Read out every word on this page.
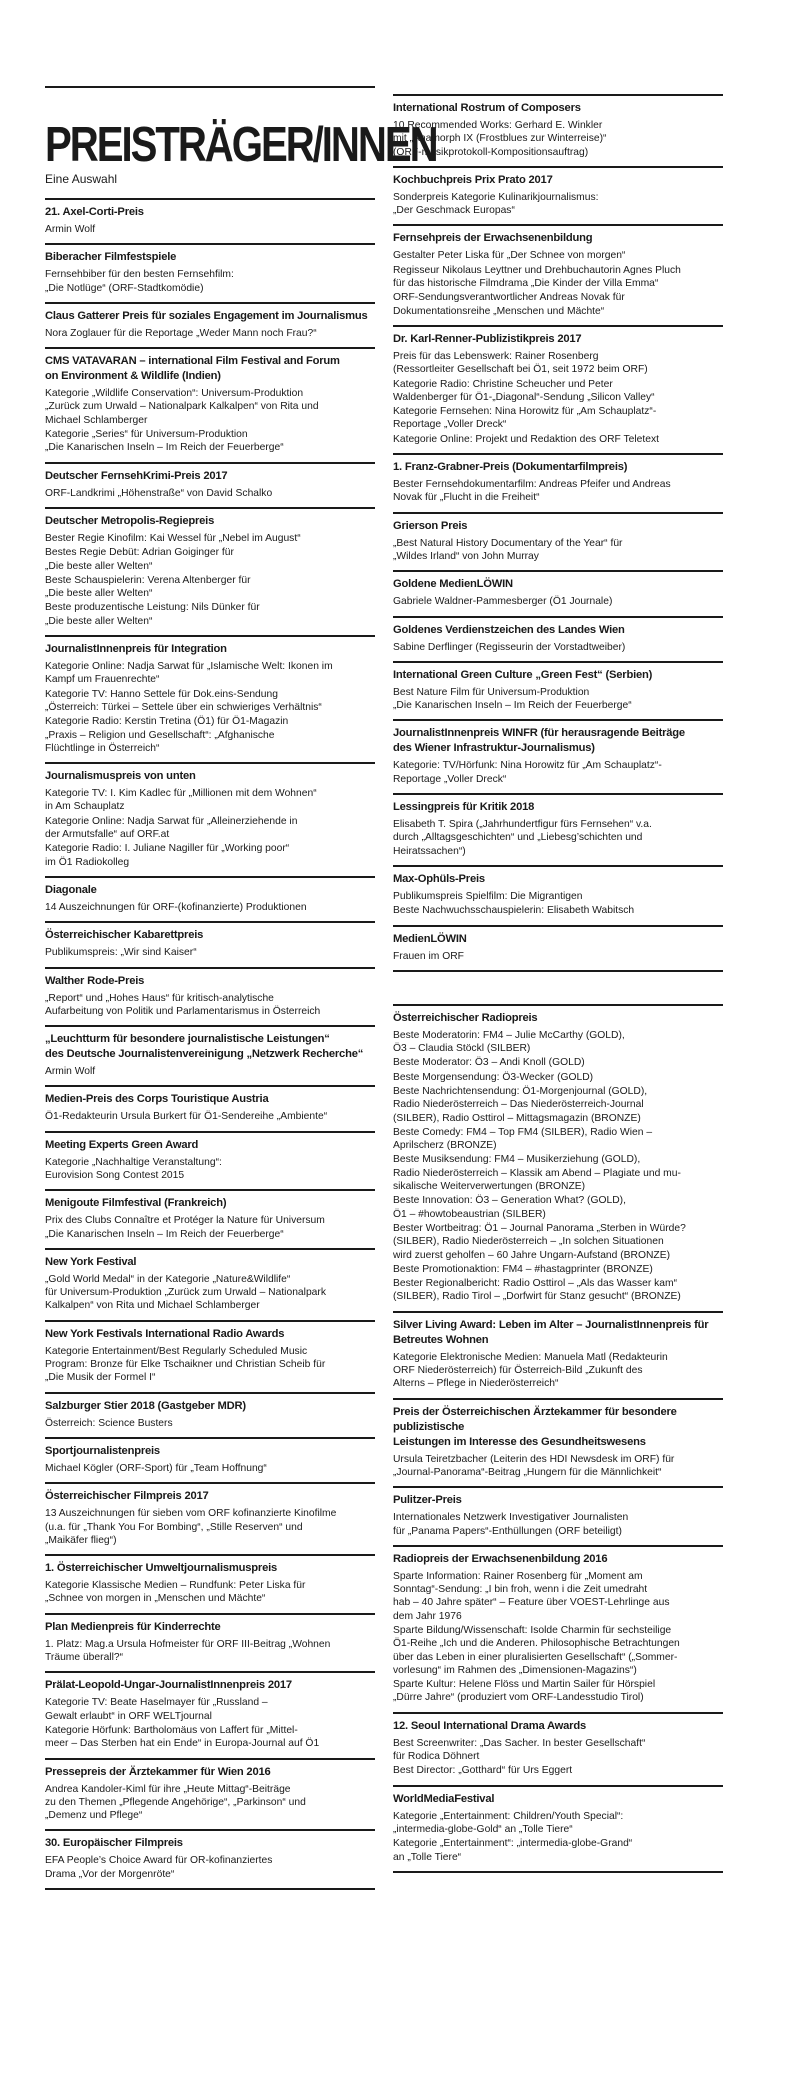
PREISTRÄGER/INNEN
Eine Auswahl
21. Axel-Corti-Preis
Armin Wolf
Biberacher Filmfestspiele
Fernsehbiber für den besten Fernsehfilm:
„Die Notlüge“ (ORF-Stadtkomödie)
Claus Gatterer Preis für soziales Engagement im Journalismus
Nora Zoglauer für die Reportage „Weder Mann noch Frau?“
CMS VATAVARAN – international Film Festival and Forum
on Environment & Wildlife (Indien)
Kategorie „Wildlife Conservation“: Universum-Produktion
„Zurück zum Urwald – Nationalpark Kalkalpen“ von Rita und
Michael Schlamberger
Kategorie „Series“ für Universum-Produktion
„Die Kanarischen Inseln – Im Reich der Feuerberge“
Deutscher FernsehKrimi-Preis 2017
ORF-Landkrimi „Höhenstraße“ von David Schalko
Deutscher Metropolis-Regiepreis
Bester Regie Kinofilm: Kai Wessel für „Nebel im August“
Bestes Regie Debüt: Adrian Goiginger für
„Die beste aller Welten“
Beste Schauspielerin: Verena Altenberger für
„Die beste aller Welten“
Beste produzentische Leistung: Nils Dünker für
„Die beste aller Welten“
JournalistInnenpreis für Integration
Kategorie Online: Nadja Sarwat für „Islamische Welt: Ikonen im
Kampf um Frauenrechte“
Kategorie TV: Hanno Settele für Dok.eins-Sendung
„Österreich: Türkei – Settele über ein schwieriges Verhältnis“
Kategorie Radio: Kerstin Tretina (Ö1) für Ö1-Magazin
„Praxis – Religion und Gesellschaft“: „Afghanische
Flüchtlinge in Österreich“
Journalismuspreis von unten
Kategorie TV: I. Kim Kadlec für „Millionen mit dem Wohnen“
in Am Schauplatz
Kategorie Online: Nadja Sarwat für „Alleinerziehende in
der Armutsfalle“ auf ORF.at
Kategorie Radio: I. Juliane Nagiller für „Working poor“
im Ö1 Radiokolleg
Diagonale
14 Auszeichnungen für ORF-(kofinanzierte) Produktionen
Österreichischer Kabarettpreis
Publikumspreis: „Wir sind Kaiser“
Walther Rode-Preis
„Report“ und „Hohes Haus“ für kritisch-analytische
Aufarbeitung von Politik und Parlamentarismus in Österreich
„Leuchtturm für besondere journalistische Leistungen“
des Deutsche Journalistenvereinigung „Netzwerk Recherche“
Armin Wolf
Medien-Preis des Corps Touristique Austria
Ö1-Redakteurin Ursula Burkert für Ö1-Sendereihe „Ambiente“
Meeting Experts Green Award
Kategorie „Nachhaltige Veranstaltung“:
Eurovision Song Contest 2015
Menigoute Filmfestival (Frankreich)
Prix des Clubs Connaître et Protéger la Nature für Universum
„Die Kanarischen Inseln – Im Reich der Feuerberge“
New York Festival
„Gold World Medal“ in der Kategorie „Nature&Wildlife“
für Universum-Produktion „Zurück zum Urwald – Nationalpark
Kalkalpen“ von Rita und Michael Schlamberger
New York Festivals International Radio Awards
Kategorie Entertainment/Best Regularly Scheduled Music
Program: Bronze für Elke Tschaikner und Christian Scheib für
„Die Musik der Formel I“
Salzburger Stier 2018 (Gastgeber MDR)
Österreich: Science Busters
Sportjournalistenpreis
Michael Kögler (ORF-Sport) für „Team Hoffnung“
Österreichischer Filmpreis 2017
13 Auszeichnungen für sieben vom ORF kofinanzierte Kinofilme
(u.a. für „Thank You For Bombing“, „Stille Reserven“ und
„Maikäfer flieg“)
1. Österreichischer Umweltjournalismuspreis
Kategorie Klassische Medien – Rundfunk: Peter Liska für
„Schnee von morgen in „Menschen und Mächte“
Plan Medienpreis für Kinderrechte
1. Platz: Mag.a Ursula Hofmeister für ORF III-Beitrag „Wohnen
Träume überall?“
Prälat-Leopold-Ungar-JournalistInnenpreis 2017
Kategorie TV: Beate Haselmayer für „Russland –
Gewalt erlaubt“ in ORF WELTjournal
Kategorie Hörfunk: Bartholomäus von Laffert für „Mittel-
meer – Das Sterben hat ein Ende“ in Europa-Journal auf Ö1
Pressepreis der Ärztekammer für Wien 2016
Andrea Kandoler-Kiml für ihre „Heute Mittag“-Beiträge
zu den Themen „Pflegende Angehörige“, „Parkinson“ und
„Demenz und Pflege“
30. Europäischer Filmpreis
EFA People’s Choice Award für OR-kofinanziertes
Drama „Vor der Morgenröte“
International Rostrum of Composers
10 Recommended Works: Gerhard E. Winkler
mit „Anamorph IX (Frostblues zur Winterreise)“
(ORF-musikprotokoll-Kompositionsauftrag)
Kochbuchpreis Prix Prato 2017
Sonderpreis Kategorie Kulinarikjournalismus:
„Der Geschmack Europas“
Fernsehpreis der Erwachsenenbildung
Gestalter Peter Liska für „Der Schnee von morgen“
Regisseur Nikolaus Leyttner und Drehbuchautorin Agnes Pluch
für das historische Filmdrama „Die Kinder der Villa Emma“
ORF-Sendungsverantwortlicher Andreas Novak für
Dokumentationsreihe „Menschen und Mächte“
Dr. Karl-Renner-Publizistikpreis 2017
Preis für das Lebenswerk: Rainer Rosenberg
(Ressortleiter Gesellschaft bei Ö1, seit 1972 beim ORF)
Kategorie Radio: Christine Scheucher und Peter
Waldenberger für Ö1-„Diagonal“-Sendung „Silicon Valley“
Kategorie Fernsehen: Nina Horowitz für „Am Schauplatz“-
Reportage „Voller Dreck“
Kategorie Online: Projekt und Redaktion des ORF Teletext
1. Franz-Grabner-Preis (Dokumentarfilmpreis)
Bester Fernsehdokumentarfilm: Andreas Pfeifer und Andreas
Novak für „Flucht in die Freiheit“
Grierson Preis
„Best Natural History Documentary of the Year“ für
„Wildes Irland“ von John Murray
Goldene MedienLÖWIN
Gabriele Waldner-Pammesberger (Ö1 Journale)
Goldenes Verdienstzeichen des Landes Wien
Sabine Derflinger (Regisseurin der Vorstadtweiber)
International Green Culture „Green Fest“ (Serbien)
Best Nature Film für Universum-Produktion
„Die Kanarischen Inseln – Im Reich der Feuerberge“
JournalistInnenpreis WINFR (für herausragende Beiträge
des Wiener Infrastruktur-Journalismus)
Kategorie: TV/Hörfunk: Nina Horowitz für „Am Schauplatz“-
Reportage „Voller Dreck“
Lessingpreis für Kritik 2018
Elisabeth T. Spira („Jahrhundertfigur fürs Fernsehen“ v.a.
durch „Alltagsgeschichten“ und „Liebesg’schichten und
Heiratssachen“)
Max-Ophüls-Preis
Publikumspreis Spielfilm: Die Migrantigen
Beste Nachwuchsschauspielerin: Elisabeth Wabitsch
MedienLÖWIN
Frauen im ORF
Österreichischer Radiopreis
Beste Moderatorin: FM4 – Julie McCarthy (GOLD),
Ö3 – Claudia Stöckl (SILBER)
Beste Moderator: Ö3 – Andi Knoll (GOLD)
Beste Morgensendung: Ö3-Wecker (GOLD)
Beste Nachrichtensendung: Ö1-Morgenjournal (GOLD),
Radio Niederösterreich – Das Niederösterreich-Journal
(SILBER), Radio Osttirol – Mittagsmagazin (BRONZE)
Beste Comedy: FM4 – Top FM4 (SILBER), Radio Wien –
Aprilscherz (BRONZE)
Beste Musiksendung: FM4 – Musikerziehung (GOLD),
Radio Niederösterreich – Klassik am Abend – Plagiate und mu-
sikalische Weiterverwertungen (BRONZE)
Beste Innovation: Ö3 – Generation What? (GOLD),
Ö1 – #howtobeaustrian (SILBER)
Bester Wortbeitrag: Ö1 – Journal Panorama „Sterben in Würde?
(SILBER), Radio Niederösterreich – „In solchen Situationen
wird zuerst geholfen – 60 Jahre Ungarn-Aufstand (BRONZE)
Beste Promotionaktion: FM4 – #hastagprinter (BRONZE)
Bester Regionalbericht: Radio Osttirol – „Als das Wasser kam“
(SILBER), Radio Tirol – „Dorfwirt für Stanz gesucht“ (BRONZE)
Silver Living Award: Leben im Alter – JournalistInnenpreis für
Betreutes Wohnen
Kategorie Elektronische Medien: Manuela Matl (Redakteurin
ORF Niederösterreich) für Österreich-Bild „Zukunft des
Alterns – Pflege in Niederösterreich“
Preis der Österreichischen Ärztekammer für besondere publizistische
Leistungen im Interesse des Gesundheitswesens
Ursula Teiretzbacher (Leiterin des HDI Newsdesk im ORF) für
„Journal-Panorama“-Beitrag „Hungern für die Männlichkeit“
Pulitzer-Preis
Internationales Netzwerk Investigativer Journalisten
für „Panama Papers“-Enthüllungen (ORF beteiligt)
Radiopreis der Erwachsenenbildung 2016
Sparte Information: Rainer Rosenberg für „Moment am
Sonntag“-Sendung: „I bin froh, wenn i die Zeit umedraht
hab – 40 Jahre später“ – Feature über VOEST-Lehrlinge aus
dem Jahr 1976
Sparte Bildung/Wissenschaft: Isolde Charmin für sechsteilige
Ö1-Reihe „Ich und die Anderen. Philosophische Betrachtungen
über das Leben in einer pluralisierten Gesellschaft“ („Sommer-
vorlesung“ im Rahmen des „Dimensionen-Magazins“)
Sparte Kultur: Helene Flöss und Martin Sailer für Hörspiel
„Dürre Jahre“ (produziert vom ORF-Landesstudio Tirol)
12. Seoul International Drama Awards
Best Screenwriter: „Das Sacher. In bester Gesellschaft“
für Rodica Döhnert
Best Director: „Gotthard“ für Urs Eggert
WorldMediaFestival
Kategorie „Entertainment: Children/Youth Special“:
„intermedia-globe-Gold“ an „Tolle Tiere“
Kategorie „Entertainment“: „intermedia-globe-Grand“
an „Tolle Tiere“
